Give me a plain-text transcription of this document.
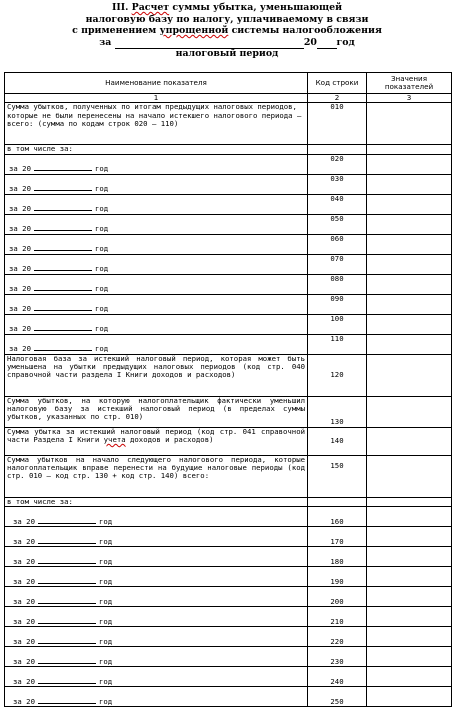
III. Расчет суммы убытка, уменьшающей
налоговую базу по налогу, уплачиваемому в связи
с применением упрощенной системы налогообложения
за	20 год
налоговый период
Наименование показателя	Код строки	Значения показателей
1	2	3
Сумма убытков, полученных по итогам предыдущих налоговых периодов, которые не были перенесены на начало истекшего налогового периода – всего: (сумма по кодам строк 020 – 110)	010	
в том числе за:		
за 20 год	020	
за 20 год	030	
за 20 год	040	
за 20 год	050	
за 20 год	060	
за 20 год	070	
за 20 год	080	
за 20 год	090	
за 20 год	100	
за 20 год	110	
Налоговая база за истекший налоговый период, которая может быть уменьшена на убытки предыдущих налоговых периодов (код стр. 040 справочной части раздела I Книги доходов и расходов)	120	
Сумма убытков, на которую налогоплательщик фактически уменьшил налоговую базу за истекший налоговый период (в пределах суммы убытков, указанных по стр. 010)	130	
Сумма убытка за истекший налоговый период (код стр. 041 справочной части Раздела I Книги учета доходов и расходов)	140	
Сумма убытков на начало следующего налогового периода, которые налогоплательщик вправе перенести на будущие налоговые периоды (код стр. 010 – код стр. 130 + код стр. 140) всего:	150	
в том числе за:		
за 20 год	160	
за 20 год	170	
за 20 год	180	
за 20 год	190	
за 20 год	200	
за 20 год	210	
за 20 год	220	
за 20 год	230	
за 20 год	240	
за 20 год	250	
